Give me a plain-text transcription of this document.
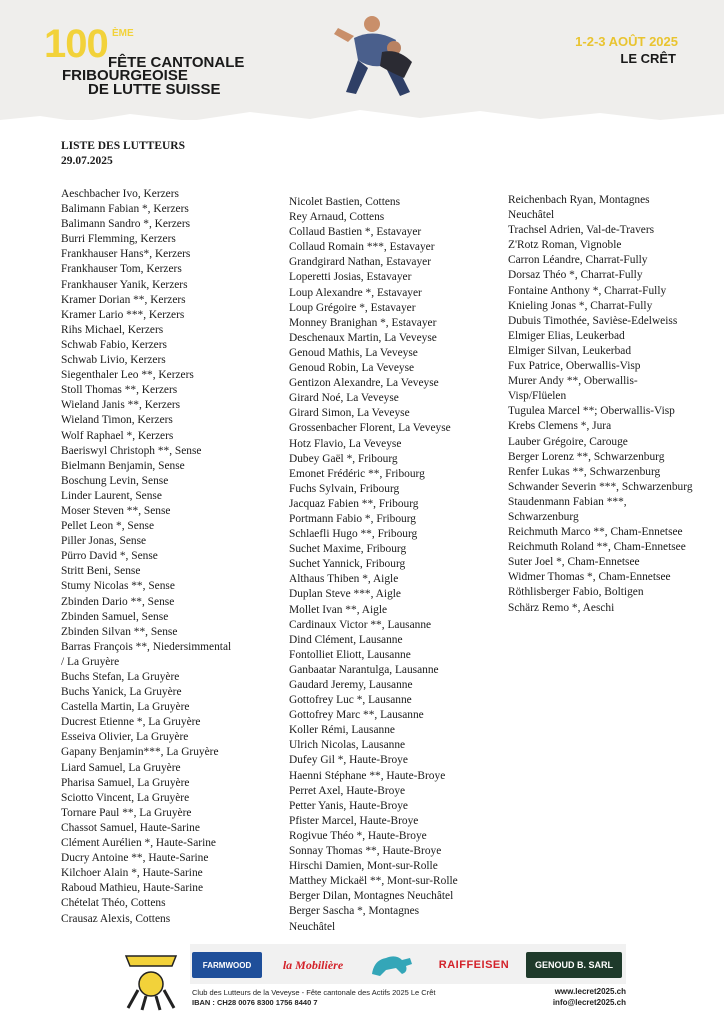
100 ÈME
FÊTE CANTONALE
FRIBOURGEOISE
DE LUTTE SUISSE
1-2-3 AOÛT 2025
LE CRÊT
LISTE DES LUTTEURS
29.07.2025
Aeschbacher Ivo, Kerzers
Balimann Fabian *, Kerzers
Balimann Sandro *, Kerzers
Burri Flemming, Kerzers
Frankhauser Hans*, Kerzers
Frankhauser Tom, Kerzers
Frankhauser Yanik, Kerzers
Kramer Dorian **, Kerzers
Kramer Lario ***, Kerzers
Rihs Michael, Kerzers
Schwab Fabio, Kerzers
Schwab Livio, Kerzers
Siegenthaler Leo **, Kerzers
Stoll Thomas **, Kerzers
Wieland Janis **, Kerzers
Wieland Timon, Kerzers
Wolf Raphael *, Kerzers
Baeriswyl Christoph **, Sense
Bielmann Benjamin, Sense
Boschung Levin, Sense
Linder Laurent, Sense
Moser Steven **, Sense
Pellet Leon *, Sense
Piller Jonas, Sense
Pürro David *, Sense
Stritt Beni, Sense
Stumy Nicolas **, Sense
Zbinden Dario **, Sense
Zbinden Samuel, Sense
Zbinden Silvan **, Sense
Barras François **, Niedersimmental
/ La Gruyère
Buchs Stefan, La Gruyère
Buchs Yanick, La Gruyère
Castella Martin, La Gruyère
Ducrest Etienne *, La Gruyère
Esseiva Olivier, La Gruyère
Gapany Benjamin***, La Gruyère
Liard Samuel, La Gruyère
Pharisa Samuel, La Gruyère
Sciotto Vincent, La Gruyère
Tornare Paul **, La Gruyère
Chassot Samuel, Haute-Sarine
Clément Aurélien *, Haute-Sarine
Ducry Antoine **, Haute-Sarine
Kilchoer Alain *, Haute-Sarine
Raboud Mathieu, Haute-Sarine
Chételat Théo, Cottens
Crausaz Alexis, Cottens
Nicolet Bastien, Cottens
Rey Arnaud, Cottens
Collaud Bastien *, Estavayer
Collaud Romain ***, Estavayer
Grandgirard Nathan, Estavayer
Loperetti Josias, Estavayer
Loup Alexandre *, Estavayer
Loup Grégoire *, Estavayer
Monney Branighan *, Estavayer
Deschenaux Martin, La Veveyse
Genoud Mathis, La Veveyse
Genoud Robin, La Veveyse
Gentizon Alexandre, La Veveyse
Girard Noé, La Veveyse
Girard Simon, La Veveyse
Grossenbacher Florent, La Veveyse
Hotz Flavio, La Veveyse
Dubey Gaël *, Fribourg
Emonet Frédéric **, Fribourg
Fuchs Sylvain, Fribourg
Jacquaz Fabien **, Fribourg
Portmann Fabio *, Fribourg
Schlaefli Hugo **, Fribourg
Suchet Maxime, Fribourg
Suchet Yannick, Fribourg
Althaus Thiben *, Aigle
Duplan Steve ***, Aigle
Mollet Ivan **, Aigle
Cardinaux Victor **, Lausanne
Dind Clément, Lausanne
Fontolliet Eliott, Lausanne
Ganbaatar Narantulga, Lausanne
Gaudard Jeremy, Lausanne
Gottofrey Luc *, Lausanne
Gottofrey Marc **, Lausanne
Koller Rémi, Lausanne
Ulrich Nicolas, Lausanne
Dufey Gil *, Haute-Broye
Haenni Stéphane **, Haute-Broye
Perret Axel, Haute-Broye
Petter Yanis, Haute-Broye
Pfister Marcel, Haute-Broye
Rogivue Théo *, Haute-Broye
Sonnay Thomas **, Haute-Broye
Hirschi Damien, Mont-sur-Rolle
Matthey Mickaël **, Mont-sur-Rolle
Berger Dilan, Montagnes Neuchâtel
Berger Sascha *, Montagnes
Neuchâtel
Reichenbach Ryan, Montagnes
Neuchâtel
Trachsel Adrien, Val-de-Travers
Z'Rotz Roman, Vignoble
Carron Léandre, Charrat-Fully
Dorsaz Théo *, Charrat-Fully
Fontaine Anthony *, Charrat-Fully
Knieling Jonas *, Charrat-Fully
Dubuis Timothée, Savièse-Edelweiss
Elmiger Elias, Leukerbad
Elmiger Silvan, Leukerbad
Fux Patrice, Oberwallis-Visp
Murer Andy **, Oberwallis-
Visp/Flüelen
Tugulea Marcel **; Oberwallis-Visp
Krebs Clemens *, Jura
Lauber Grégoire, Carouge
Berger Lorenz **, Schwarzenburg
Renfer Lukas **, Schwarzenburg
Schwander Severin ***, Schwarzenburg
Staudenmann Fabian ***,
Schwarzenburg
Reichmuth Marco **, Cham-Ennetsee
Reichmuth Roland **, Cham-Ennetsee
Suter Joel *, Cham-Ennetsee
Widmer Thomas *, Cham-Ennetsee
Röthlisberger Fabio, Boltigen
Schärz Remo *, Aeschi
FARMWOOD	la Mobilière	RAIFFEISEN	GENOUD B. SARL
Club des Lutteurs de la Veveyse - Fête cantonale des Actifs 2025 Le Crêt
IBAN : CH28 0076 8300 1756 8440 7
www.lecret2025.ch
info@lecret2025.ch
